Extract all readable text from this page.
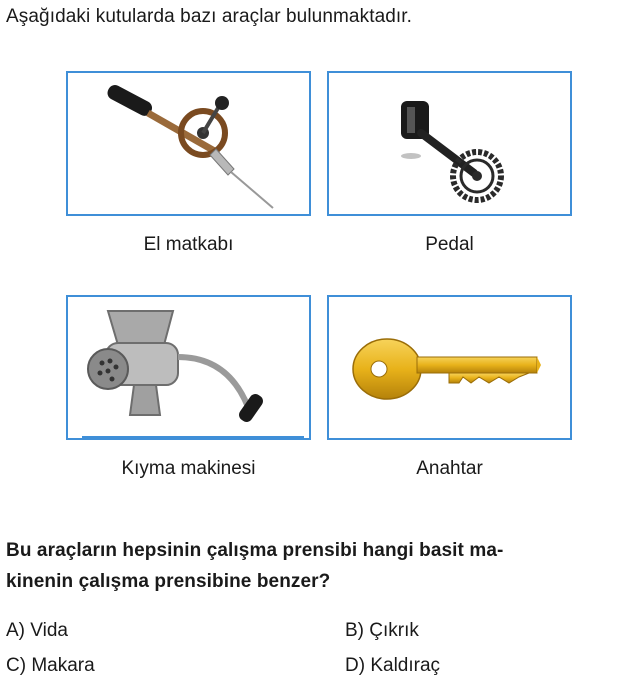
Aşağıdaki kutularda bazı araçlar bulunmaktadır.
El matkabı	Pedal
Kıyma makinesi	Anahtar
Bu araçların hepsinin çalışma prensibi hangi basit ma-
kinenin çalışma prensibine benzer?
A) Vida	B) Çıkrık
C) Makara	D) Kaldıraç
